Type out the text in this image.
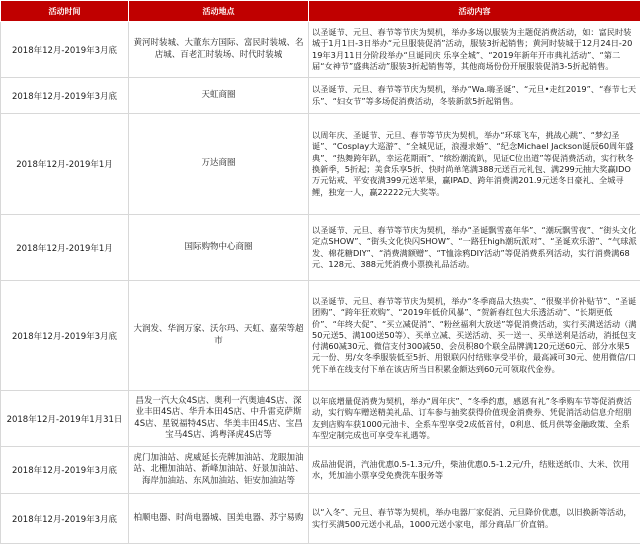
活动时间	活动地点	活动内容
2018年12月-2019年3月底	黄河时装城、大董东方国际、富民时装城、名店城、百老汇时装场、时代时装城	以圣诞节、元旦、春节等节庆为契机，举办多场以服装为主题促消费活动，如：富民时装城于1月1日-3日举办“元旦服装促消”活动，服装3折起销售；黄河时装城于12月24日-2019年3月11日分阶段举办“旦诞同庆 乐享全城”、“2019年新年开市典礼活动”、“第二届“女神节”盛典活动”服装3折起销售等，其他商场份份开展服装促消3-5折起销售。
2018年12月-2019年3月底	天虹商圈	以圣诞节、元旦、春节等节庆为契机，举办“Wa.嗨圣诞”、“元旦•走红2019”、“春节七天乐”、“妇女节”等多场促消费活动，冬装新款5折起销售。
2018年12月-2019年1月	万达商圈	以周年庆、圣诞节、元旦、春节等节庆为契机，举办“环球飞车，挑战心跳”、“梦幻圣诞”、“Cosplay大巡游”、“全城见证，浪漫求婚”、“纪念Michael Jackson诞辰60周年盛典”、“热舞跨年趴，幸运花期雨”、“缤纷潮流趴，见证C位出道”等促消费活动，实行秋冬换新季，5折起；美食乐享5折、快时尚单笔满388元送百元礼包、满299元抽大奖赢IDO万元钻戒、平安夜满399元送苹果，赢IPAD、跨年消费满201.9元送冬日豪礼、全城寻鲤，独宠一人，赢22222元大奖等。
2018年12月-2019年1月	国际购物中心商圈	以圣诞节、元旦、春节等节庆为契机，举办“圣诞飘雪嘉年华”、“潮玩飘雪夜”、“街头文化定点SHOW”、“街头文化快闪SHOW”、“一路狂high潮玩派对”、“圣诞欢乐游”、“气球派发、棉花糖DIY”、“消费满额赠”、“T恤涂鸦DIY活动”等促消费系列活动，实行消费满68元、128元、388元凭消费小票换礼品活动。
2018年12月-2019年3月底	大润发、华润万家、沃尔玛、天虹、嘉荣等超市	以圣诞节、元旦、春节等节庆为契机，举办“冬季商品大热卖”、“很聚半价补贴节”、“圣诞团购”、“跨年狂欢购”、“2019年低价风暴”、“贺新春红包大乐透活动”、“长期更低价”、“年终大促”、“买立减促消”、“粉丝福利大放送”等促消费活动，实行买满送活动（满50元送5、满100送50等）、买单立减、买送活动、买一送一、买单送利是活动，消抵包支付满60减30元、微信支付300减50、会员积80个联全品牌满120元送60元、部分水果5元一份、男/女冬季服装低至5折、用银联闪付结账享受半价，最高减可30元、使用微信/口凭下单在线支付下单在该店所当日积累金额达到60元可领取代金券。
2018年12月-2019年1月31日	昌发一汽大众4S店、奥利一汽奥迪4S店、深业丰田4S店、华升本田4S店、中升雷克萨斯4S店、星锐福特4S店、华美丰田4S店、宝昌宝马4S店、鸿粤泽虎4S店等	以年底增量促消费为契机，举办“周年庆”、“冬季约惠，感恩有礼”冬季购车节等促消费活动，实行购车赠送精美礼品、订车参与抽奖获得价值现金消费券、凭促消活动信息介绍朋友到店购车获1000元油卡、全系车型享受2成低首付，0利息、低月供等金融政策、全系车型定制完成也可享受车礼遇等。
2018年12月-2019年3月底	虎门加油站、虎威延长壳牌加油站、龙眼加油站、北栅加油站、新峰加油站、好景加油站、海岸加油站、东风加油站、钜安加油站等	成品油促消，汽油优惠0.5-1.3元/升，柴油优惠0.5-1.2元/升，结账送纸巾、大米、饮用水，凭加油小票享受免费洗车服务等
2018年12月-2019年3月底	柏顺电器、时尚电器城、国美电器、苏宁易购	以“入冬”、元旦、春节等为契机，举办电器厂家促消、元旦降价优惠，以旧换新等活动，实行买满500元送小礼品，1000元送小家电，部分商品厂价直销。
